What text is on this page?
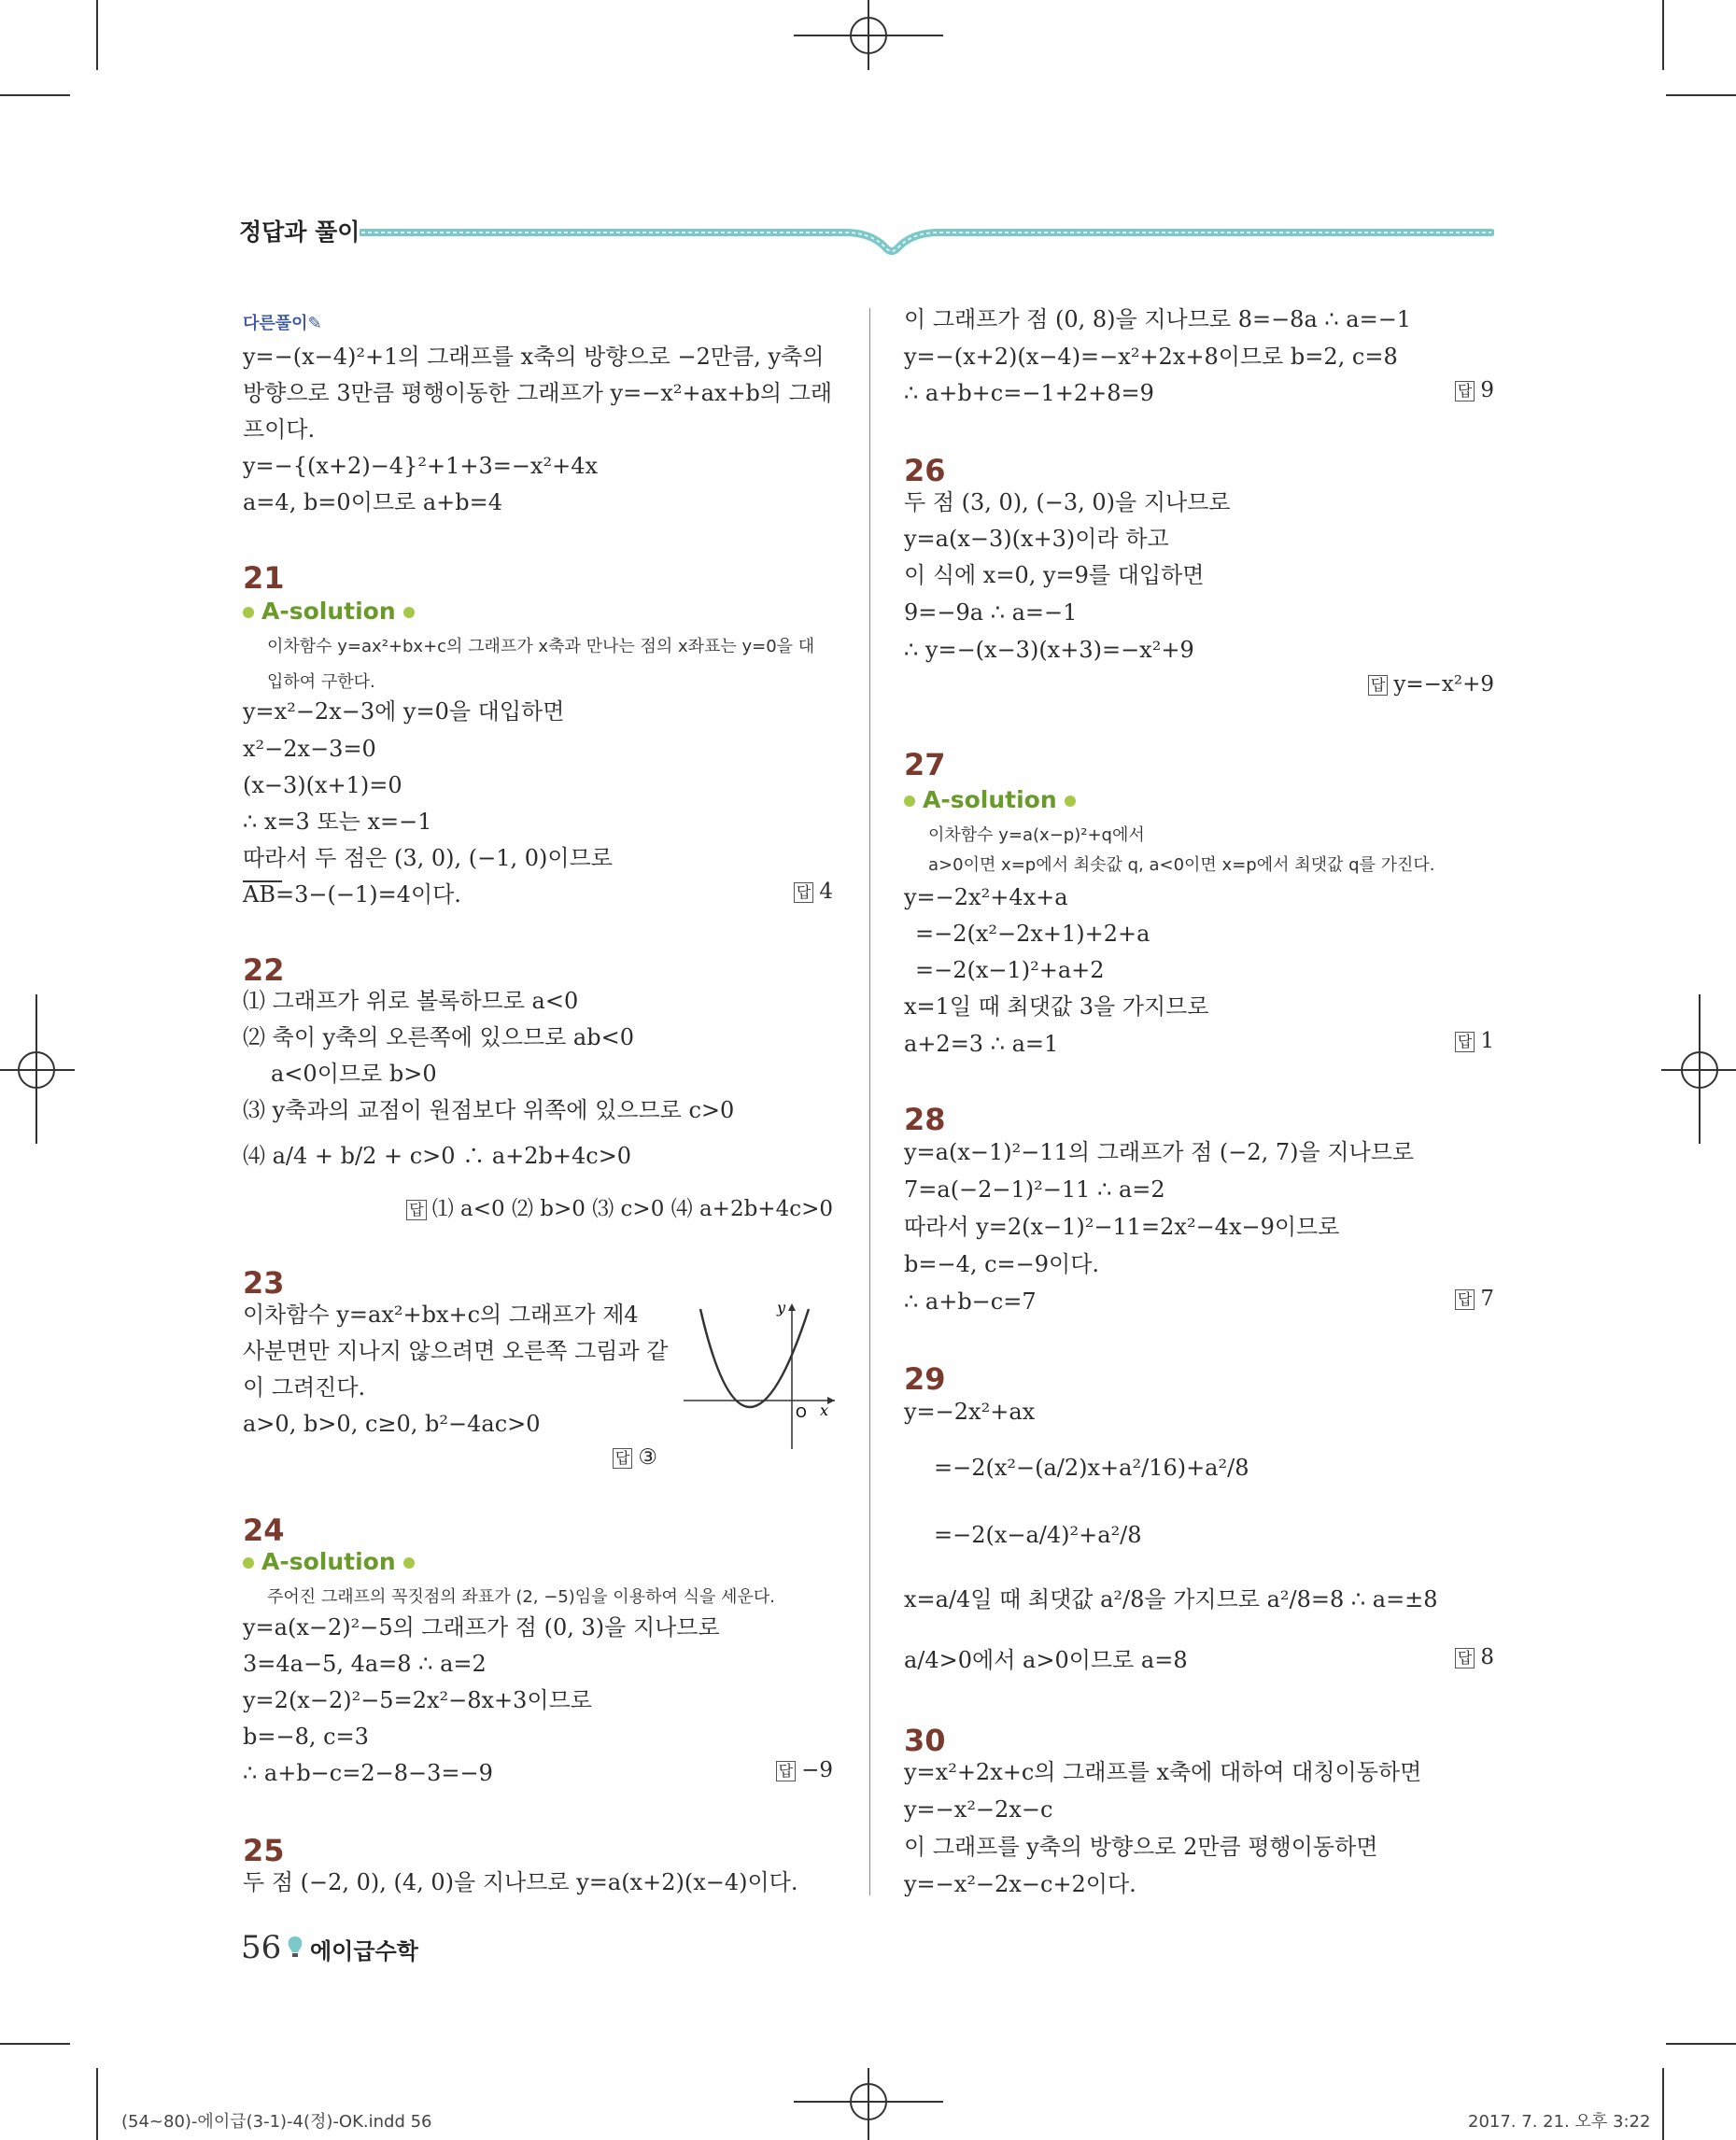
정답과 풀이
다른풀이✎
y=−(x−4)²+1의 그래프를 x축의 방향으로 −2만큼, y축의
방향으로 3만큼 평행이동한 그래프가 y=−x²+ax+b의 그래
프이다.
y=−{(x+2)−4}²+1+3=−x²+4x
a=4, b=0이므로 a+b=4
21
A-solution
이차함수 y=ax²+bx+c의 그래프가 x축과 만나는 점의 x좌표는 y=0을 대
입하여 구한다.
y=x²−2x−3에 y=0을 대입하면
x²−2x−3=0
(x−3)(x+1)=0
∴ x=3 또는 x=−1
따라서 두 점은 (3, 0), (−1, 0)이므로
AB=3−(−1)=4이다.	답 4
22
⑴ 그래프가 위로 볼록하므로 a<0
⑵ 축이 y축의 오른쪽에 있으므로 ab<0
a<0이므로 b>0
⑶ y축과의 교점이 원점보다 위쪽에 있으므로 c>0
⑷ a/4 + b/2 + c>0 ∴ a+2b+4c>0
답 ⑴ a<0 ⑵ b>0 ⑶ c>0 ⑷ a+2b+4c>0
23
이차함수 y=ax²+bx+c의 그래프가 제4
사분면만 지나지 않으려면 오른쪽 그림과 같
이 그려진다.
a>0, b>0, c≥0, b²−4ac>0
y
x
O
답 ③
24
A-solution
주어진 그래프의 꼭짓점의 좌표가 (2, −5)임을 이용하여 식을 세운다.
y=a(x−2)²−5의 그래프가 점 (0, 3)을 지나므로
3=4a−5, 4a=8 ∴ a=2
y=2(x−2)²−5=2x²−8x+3이므로
b=−8, c=3
∴ a+b−c=2−8−3=−9	답 −9
25
두 점 (−2, 0), (4, 0)을 지나므로 y=a(x+2)(x−4)이다.
이 그래프가 점 (0, 8)을 지나므로 8=−8a ∴ a=−1
y=−(x+2)(x−4)=−x²+2x+8이므로 b=2, c=8
∴ a+b+c=−1+2+8=9	답 9
26
두 점 (3, 0), (−3, 0)을 지나므로
y=a(x−3)(x+3)이라 하고
이 식에 x=0, y=9를 대입하면
9=−9a ∴ a=−1
∴ y=−(x−3)(x+3)=−x²+9
답 y=−x²+9
27
A-solution
이차함수 y=a(x−p)²+q에서
a>0이면 x=p에서 최솟값 q, a<0이면 x=p에서 최댓값 q를 가진다.
y=−2x²+4x+a
=−2(x²−2x+1)+2+a
=−2(x−1)²+a+2
x=1일 때 최댓값 3을 가지므로
a+2=3 ∴ a=1	답 1
28
y=a(x−1)²−11의 그래프가 점 (−2, 7)을 지나므로
7=a(−2−1)²−11 ∴ a=2
따라서 y=2(x−1)²−11=2x²−4x−9이므로
b=−4, c=−9이다.
∴ a+b−c=7	답 7
29
y=−2x²+ax
=−2(x²−(a/2)x+a²/16)+a²/8
=−2(x−a/4)²+a²/8
x=a/4일 때 최댓값 a²/8을 가지므로 a²/8=8 ∴ a=±8
a/4>0에서 a>0이므로 a=8	답 8
30
y=x²+2x+c의 그래프를 x축에 대하여 대칭이동하면
y=−x²−2x−c
이 그래프를 y축의 방향으로 2만큼 평행이동하면
y=−x²−2x−c+2이다.
56 에이급수학
(54~80)-에이급(3-1)-4(정)-OK.indd 56	2017. 7. 21. 오후 3:22
